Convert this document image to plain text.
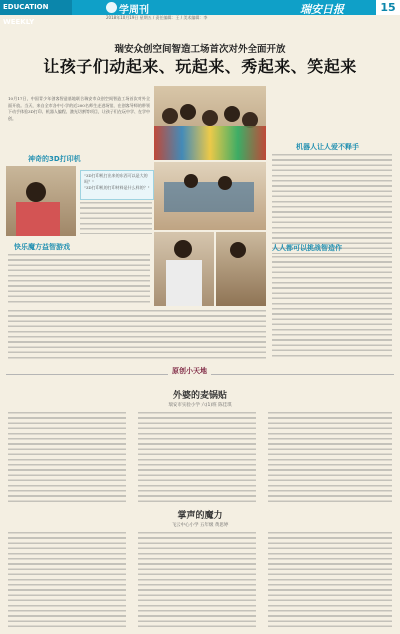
EDUCATION WEEKLY
学周刊	瑞安日报	15
2018年10月19日 星期五 / 责任编辑：王 / 美术编辑：李
瑞安众创空间智造工场首次对外全面开放
让孩子们动起来、玩起来、秀起来、笑起来
10月17日，中国青少年创客智造基地联合瑞安市众创空间智造工场首次对外全面开放。当天，来自全市各中小学的近200名师生走进场馆，在创客导师的带领下动手体验3D打印、机器人编程、激光切割等项目，让孩子们在玩中学、在学中创。
机器人让人爱不释手
神奇的3D打印机
"3D打印机打出来的东西可以是大的吗？"
"3D打印机的打印材料是什么样的？"
快乐魔方益智游戏	人人都可以挑战智造作
原创小天地
外婆的麦锅贴
瑞安市实验小学 六(1)班 陈佳琪
掌声的魔力
飞云中心小学 五年级 黄思婷
